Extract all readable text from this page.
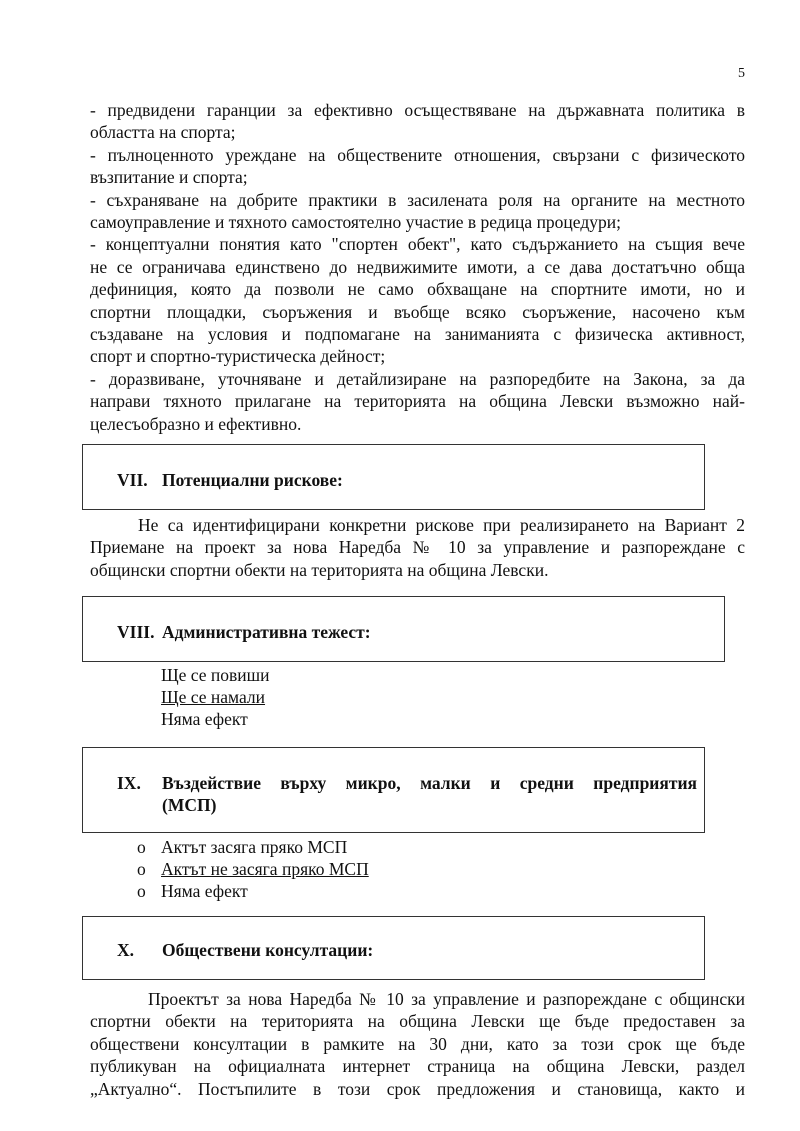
5
- предвидени гаранции за ефективно осъществяване на държавната политика в
областта на спорта;
- пълноценното уреждане на обществените отношения, свързани с физическото
възпитание и спорта;
- съхраняване на добрите практики в засилената роля на органите на местното
самоуправление и тяхното самостоятелно участие в редица процедури;
- концептуални понятия като "спортен обект", като съдържанието на същия вече
не се ограничава единствено до недвижимите имоти, а се дава достатъчно обща
дефиниция, която да позволи не само обхващане на спортните имоти, но и
спортни площадки, съоръжения и въобще всяко съоръжение, насочено към
създаване на условия и подпомагане на заниманията с физическа активност,
спорт и спортно-туристическа дейност;
- доразвиване, уточняване и детайлизиране на разпоредбите на Закона, за да
направи тяхното прилагане на територията на община Левски възможно най-
целесъобразно и ефективно.
VII. Потенциални рискове:
Не са идентифицирани конкретни рискове при реализирането на Вариант 2
Приемане на проект за нова Наредба № 10 за управление и разпореждане с
общински спортни обекти на територията на община Левски.
VIII. Административна тежест:
Ще се повиши
Ще се намали
Няма ефект
IX.	Въздействие върху микро, малки и средни предприятия
(МСП)
o Актът засяга пряко МСП
o Актът не засяга пряко МСП
o Няма ефект
X. Обществени консултации:
Проектът за нова Наредба № 10 за управление и разпореждане с общински
спортни обекти на територията на община Левски ще бъде предоставен за
обществени консултации в рамките на 30 дни, като за този срок ще бъде
публикуван на официалната интернет страница на община Левски, раздел
„Актуално“. Постъпилите в този срок предложения и становища, както и
